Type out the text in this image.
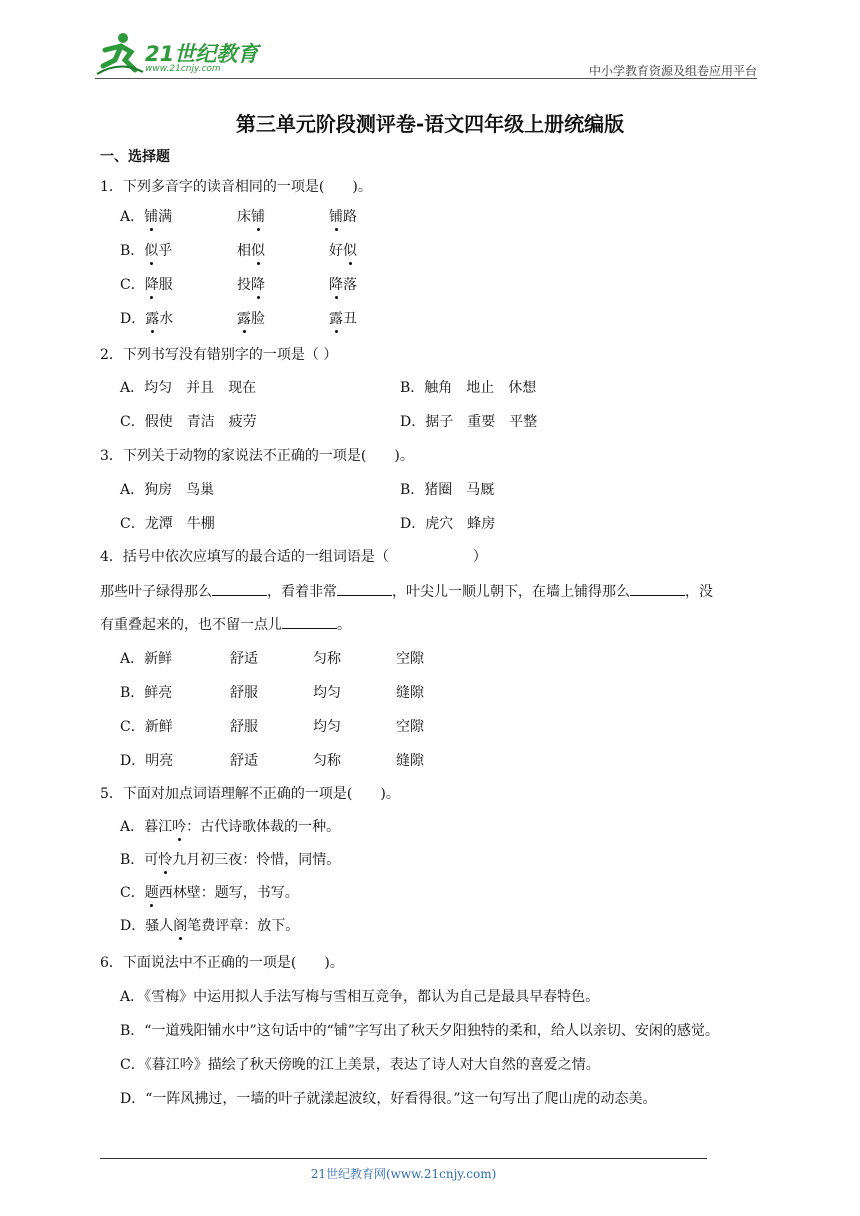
21世纪教育
www.21cnjy.com	中小学教育资源及组卷应用平台
第三单元阶段测评卷-语文四年级上册统编版
一、选择题
1．下列多音字的读音相同的一项是(　　)。
A．铺满	床铺	铺路
B．似乎	相似	好似
C．降服	投降	降落
D．露水	露脸	露丑
2．下列书写没有错别字的一项是（ ）
A．均匀　并且　现在	B．触角　地止　休想
C．假使　青洁　疲劳	D．据子　重要　平整
3．下列关于动物的家说法不正确的一项是(　　)。
A．狗房　鸟巢	B．猪圈　马厩
C．龙潭　牛棚	D．虎穴　蜂房
4．括号中依次应填写的最合适的一组词语是（　　　　　　）
那些叶子绿得那么	，看着非常	，叶尖儿一顺儿朝下，在墙上铺得那么	，没
有重叠起来的，也不留一点儿	。
A．新鲜	舒适	匀称	空隙
B．鲜亮	舒服	均匀	缝隙
C．新鲜	舒服	均匀	空隙
D．明亮	舒适	匀称	缝隙
5．下面对加点词语理解不正确的一项是(　　)。
A．暮江吟：古代诗歌体裁的一种。
B．可怜九月初三夜：怜惜，同情。
C．题西林壁：题写，书写。
D．骚人阁笔费评章：放下。
6．下面说法中不正确的一项是(　　)。
A．《雪梅》中运用拟人手法写梅与雪相互竞争，都认为自己是最具早春特色。
B．“一道残阳铺水中”这句话中的“铺”字写出了秋天夕阳独特的柔和，给人以亲切、安闲的感觉。
C．《暮江吟》描绘了秋天傍晚的江上美景，表达了诗人对大自然的喜爱之情。
D．“一阵风拂过，一墙的叶子就漾起波纹，好看得很。”这一句写出了爬山虎的动态美。
21世纪教育网(www.21cnjy.com)
